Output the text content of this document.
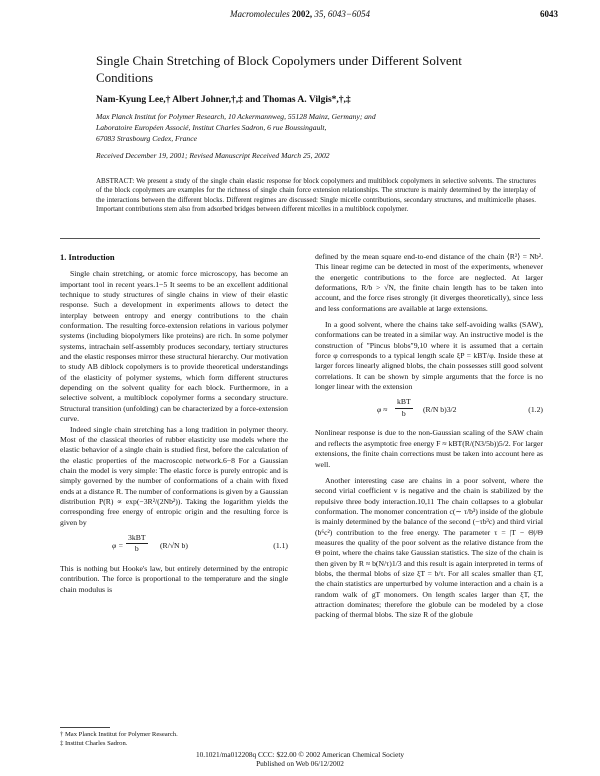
Macromolecules 2002, 35, 6043−6054	6043
Single Chain Stretching of Block Copolymers under Different Solvent Conditions
Nam-Kyung Lee,† Albert Johner,†,‡ and Thomas A. Vilgis*,†,‡
Max Planck Institut for Polymer Research, 10 Ackermannweg, 55128 Mainz, Germany; and
Laboratoire Européen Associé, Institut Charles Sadron, 6 rue Boussingault,
67083 Strasbourg Cedex, France
Received December 19, 2001; Revised Manuscript Received March 25, 2002
ABSTRACT: We present a study of the single chain elastic response for block copolymers and multiblock copolymers in selective solvents. The structures of the block copolymers are examples for the richness of single chain force extension relationships. The structure is mainly determined by the interplay of the interactions between the different blocks. Different regimes are discussed: Single micelle contributions, secondary structures, and multimicelle phases. Important contributions stem also from adsorbed bridges between different micelles in a multiblock copolymer.
1. Introduction

Single chain stretching, or atomic force microscopy, has become an important tool in recent years.1−5 It seems to be an excellent additional technique to study structures of single chains in view of their elastic response. Such a development in experiments allows to detect the interplay between entropy and energy contributions to the chain conformation. The resulting force-extension relations in various polymer systems (including biopolymers like proteins) are rich. In some polymer systems, intrachain self-assembly produces secondary, tertiary structures and the elastic responses mirror these structural hierarchy. Our motivation to study AB diblock copolymers is to provide theoretical understandings of the elasticity of polymer systems, which form different structures depending on the solvent quality for each block. Furthermore, in a selective solvent, a multiblock copolymer forms a secondary structure. Structural transition (unfolding) can be characterized by a force-extension curve.

Indeed single chain stretching has a long tradition in polymer theory. Most of the classical theories of rubber elasticity use models where the elastic behavior of a single chain is studied first, before the calculation of the elastic properties of the macroscopic network.6−8 For a Gaussian chain the model is very simple: The elastic force is purely entropic and is simply governed by the number of conformations of a chain with fixed ends at a distance R. The number of conformations is given by a Gaussian distribution P(R) ∝ exp(−3R²/(2Nb²)). Taking the logarithm yields the corresponding free energy of entropic origin and the resulting force is given by

φ =
3kBT
b	(R/√N b)	(1.1)

This is nothing but Hooke's law, but entirely determined by the entropic contribution. The force is proportional to the temperature and the single chain modulus is

defined by the mean square end-to-end distance of the chain ⟨R²⟩ = Nb². This linear regime can be detected in most of the experiments, whenever the energetic contributions to the force are neglected. At larger deformations, R/b > √N, the finite chain length has to be taken into account, and the force rises strongly (it diverges theoretically), since less and less conformations are available at large extensions.

In a good solvent, where the chains take self-avoiding walks (SAW), conformations can be treated in a similar way. An instructive model is the construction of "Pincus blobs"9,10 where it is assumed that a certain force φ corresponds to a typical length scale ξP = kBT/φ. Inside these at larger forces linearly aligned blobs, the chain possesses still good solvent correlations. It can be shown by simple arguments that the force is no longer linear with the extension

φ ≈
kBT
b	(R/N b)3/2	(1.2)

Nonlinear response is due to the non-Gaussian scaling of the SAW chain and reflects the asymptotic free energy F ≈ kBT(R/(N3/5b))5/2. For larger extensions, the finite chain corrections must be taken into account here as well.

Another interesting case are chains in a poor solvent, where the second virial coefficient v is negative and the chain is stabilized by the repulsive three body interaction.10,11 The chain collapses to a globular conformation. The monomer concentration c(∼ τ/b³) inside of the globule is mainly determined by the balance of the second (−τb³c) and third virial (b⁶c²) contribution to the free energy. The parameter τ = |T − Θ|/Θ measures the quality of the poor solvent as the relative distance from the Θ point, where the chains take Gaussian statistics. The size of the chain is then given by R ≈ b(N/τ)1/3 and this result is again interpreted in terms of blobs, the thermal blobs of size ξT = b/τ. For all scales smaller than ξT, the chain statistics are unperturbed by volume interaction and a chain is a random walk of gT monomers. On length scales larger than ξT, the attraction dominates; therefore the globule can be modeled by a close packing of thermal blobs. The size R of the globule

† Max Planck Institut for Polymer Research.
‡ Institut Charles Sadron.
10.1021/ma012208q CCC: $22.00 © 2002 American Chemical Society
Published on Web 06/12/2002
